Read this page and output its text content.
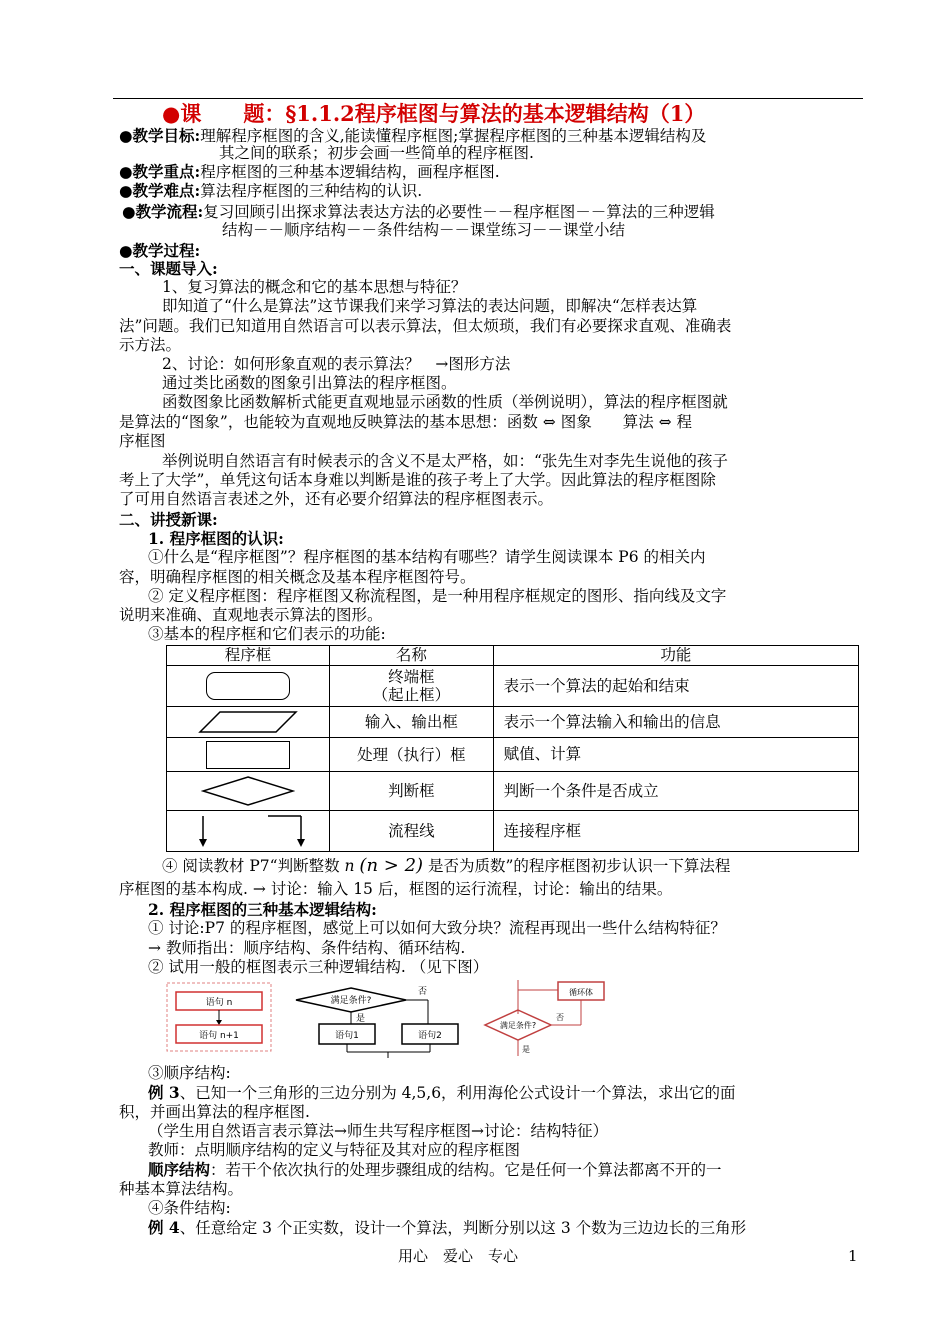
●课　　题：§1.1.2程序框图与算法的基本逻辑结构（1）
●教学目标:理解程序框图的含义,能读懂程序框图;掌握程序框图的三种基本逻辑结构及
其之间的联系；初步会画一些简单的程序框图.
●教学重点:程序框图的三种基本逻辑结构，画程序框图.
●教学难点:算法程序框图的三种结构的认识.
●教学流程:复习回顾引出探求算法表达方法的必要性－－程序框图－－算法的三种逻辑
结构－－顺序结构－－条件结构－－课堂练习－－课堂小结
●教学过程:
一、课题导入:
1、复习算法的概念和它的基本思想与特征？
即知道了“什么是算法”这节课我们来学习算法的表达问题，即解决“怎样表达算
法”问题。我们已知道用自然语言可以表示算法，但太烦琐，我们有必要探求直观、准确表
示方法。
2、讨论：如何形象直观的表示算法？　→图形方法
通过类比函数的图象引出算法的程序框图。
函数图象比函数解析式能更直观地显示函数的性质（举例说明），算法的程序框图就
是算法的“图象”，也能较为直观地反映算法的基本思想：函数 ⇔ 图象　　算法 ⇔ 程
序框图
举例说明自然语言有时候表示的含义不是太严格，如：“张先生对李先生说他的孩子
考上了大学”，单凭这句话本身难以判断是谁的孩子考上了大学。因此算法的程序框图除
了可用自然语言表述之外，还有必要介绍算法的程序框图表示。
二、讲授新课:
1. 程序框图的认识:
①什么是“程序框图”？程序框图的基本结构有哪些？请学生阅读课本 P6 的相关内
容，明确程序框图的相关概念及基本程序框图符号。
② 定义程序框图：程序框图又称流程图，是一种用程序框规定的图形、指向线及文字
说明来准确、直观地表示算法的图形。
③基本的程序框和它们表示的功能:
程序框	名称	功能

	终端框
（起止框）	表示一个算法的起始和结束

	输入、输出框	表示一个算法输入和输出的信息

	处理（执行）框	赋值、计算

	判断框	判断一个条件是否成立

	流程线	连接程序框
④ 阅读教材 P7“判断整数 n (n > 2) 是否为质数”的程序框图初步认识一下算法程
序框图的基本构成. → 讨论：输入 15 后，框图的运行流程，讨论：输出的结果。
2. 程序框图的三种基本逻辑结构:
① 讨论:P7 的程序框图，感觉上可以如何大致分块？流程再现出一些什么结构特征？
→ 教师指出：顺序结构、条件结构、循环结构.
② 试用一般的框图表示三种逻辑结构. （见下图）
语句 n
语句 n+1
满足条件?
否
是
语句1	语句2
循环体
满足条件?
否
是
③顺序结构:
例 3、已知一个三角形的三边分别为 4,5,6，利用海伦公式设计一个算法，求出它的面
积，并画出算法的程序框图.
（学生用自然语言表示算法→师生共写程序框图→讨论：结构特征）
教师：点明顺序结构的定义与特征及其对应的程序框图
顺序结构：若干个依次执行的处理步骤组成的结构。它是任何一个算法都离不开的一
种基本算法结构。
④条件结构:
例 4、任意给定 3 个正实数，设计一个算法，判断分别以这 3 个数为三边边长的三角形
用心　爱心　专心	1
